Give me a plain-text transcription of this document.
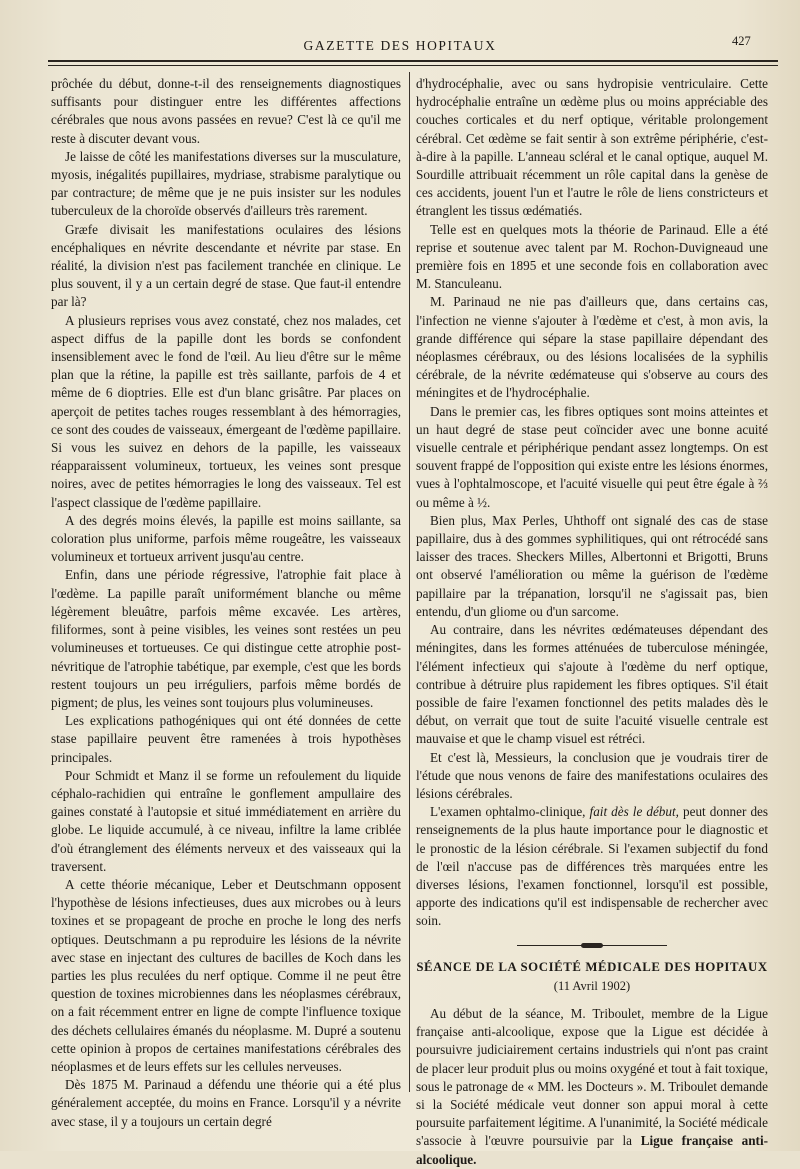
GAZETTE DES HOPITAUX	427

prôchée du début, donne-t-il des renseignements diagnostiques suffisants pour distinguer entre les différentes affections cérébrales que nous avons passées en revue? C'est là ce qu'il me reste à discuter devant vous.

Je laisse de côté les manifestations diverses sur la musculature, myosis, inégalités pupillaires, mydriase, strabisme paralytique ou par contracture; de même que je ne puis insister sur les nodules tuberculeux de la choroïde observés d'ailleurs très rarement.

Græfe divisait les manifestations oculaires des lésions encéphaliques en névrite descendante et névrite par stase. En réalité, la division n'est pas facilement tranchée en clinique. Le plus souvent, il y a un certain degré de stase. Que faut-il entendre par là?

A plusieurs reprises vous avez constaté, chez nos malades, cet aspect diffus de la papille dont les bords se confondent insensiblement avec le fond de l'œil. Au lieu d'être sur le même plan que la rétine, la papille est très saillante, parfois de 4 et même de 6 dioptries. Elle est d'un blanc grisâtre. Par places on aperçoit de petites taches rouges ressemblant à des hémorragies, ce sont des coudes de vaisseaux, émergeant de l'œdème papillaire. Si vous les suivez en dehors de la papille, les vaisseaux réapparaissent volumineux, tortueux, les veines sont presque noires, avec de petites hémorragies le long des vaisseaux. Tel est l'aspect classique de l'œdème papillaire.

A des degrés moins élevés, la papille est moins saillante, sa coloration plus uniforme, parfois même rougeâtre, les vaisseaux volumineux et tortueux arrivent jusqu'au centre.

Enfin, dans une période régressive, l'atrophie fait place à l'œdème. La papille paraît uniformément blanche ou même légèrement bleuâtre, parfois même excavée. Les artères, filiformes, sont à peine visibles, les veines sont restées un peu volumineuses et tortueuses. Ce qui distingue cette atrophie post-névritique de l'atrophie tabétique, par exemple, c'est que les bords restent toujours un peu irréguliers, parfois même bordés de pigment; de plus, les veines sont toujours plus volumineuses.

Les explications pathogéniques qui ont été données de cette stase papillaire peuvent être ramenées à trois hypothèses principales.

Pour Schmidt et Manz il se forme un refoulement du liquide céphalo-rachidien qui entraîne le gonflement ampullaire des gaines constaté à l'autopsie et situé immédiatement en arrière du globe. Le liquide accumulé, à ce niveau, infiltre la lame criblée d'où étranglement des éléments nerveux et des vaisseaux qui la traversent.

A cette théorie mécanique, Leber et Deutschmann opposent l'hypothèse de lésions infectieuses, dues aux microbes ou à leurs toxines et se propageant de proche en proche le long des nerfs optiques. Deutschmann a pu reproduire les lésions de la névrite avec stase en injectant des cultures de bacilles de Koch dans les parties les plus reculées du nerf optique. Comme il ne peut être question de toxines microbiennes dans les néoplasmes cérébraux, on a fait récemment entrer en ligne de compte l'influence toxique des déchets cellulaires émanés du néoplasme. M. Dupré a soutenu cette opinion à propos de certaines manifestations cérébrales des néoplasmes et de leurs effets sur les cellules nerveuses.

Dès 1875 M. Parinaud a défendu une théorie qui a été plus généralement acceptée, du moins en France. Lorsqu'il y a névrite avec stase, il y a toujours un certain degré

d'hydrocéphalie, avec ou sans hydropisie ventriculaire. Cette hydrocéphalie entraîne un œdème plus ou moins appréciable des couches corticales et du nerf optique, véritable prolongement cérébral. Cet œdème se fait sentir à son extrême périphérie, c'est-à-dire à la papille. L'anneau scléral et le canal optique, auquel M. Sourdille attribuait récemment un rôle capital dans la genèse de ces accidents, jouent l'un et l'autre le rôle de liens constricteurs et étranglent les tissus œdématiés.

Telle est en quelques mots la théorie de Parinaud. Elle a été reprise et soutenue avec talent par M. Rochon-Duvigneaud une première fois en 1895 et une seconde fois en collaboration avec M. Stanculeanu.

M. Parinaud ne nie pas d'ailleurs que, dans certains cas, l'infection ne vienne s'ajouter à l'œdème et c'est, à mon avis, la grande différence qui sépare la stase papillaire dépendant des néoplasmes cérébraux, ou des lésions localisées de la syphilis cérébrale, de la névrite œdémateuse qui s'observe au cours des méningites et de l'hydrocéphalie.

Dans le premier cas, les fibres optiques sont moins atteintes et un haut degré de stase peut coïncider avec une bonne acuité visuelle centrale et périphérique pendant assez longtemps. On est souvent frappé de l'opposition qui existe entre les lésions énormes, vues à l'ophtalmoscope, et l'acuité visuelle qui peut être égale à ⅔ ou même à ½.

Bien plus, Max Perles, Uhthoff ont signalé des cas de stase papillaire, dus à des gommes syphilitiques, qui ont rétrocédé sans laisser des traces. Sheckers Milles, Albertonni et Brigotti, Bruns ont observé l'amélioration ou même la guérison de l'œdème papillaire par la trépanation, lorsqu'il ne s'agissait pas, bien entendu, d'un gliome ou d'un sarcome.

Au contraire, dans les névrites œdémateuses dépendant des méningites, dans les formes atténuées de tuberculose méningée, l'élément infectieux qui s'ajoute à l'œdème du nerf optique, contribue à détruire plus rapidement les fibres optiques. S'il était possible de faire l'examen fonctionnel des petits malades dès le début, on verrait que tout de suite l'acuité visuelle centrale est mauvaise et que le champ visuel est rétréci.

Et c'est là, Messieurs, la conclusion que je voudrais tirer de l'étude que nous venons de faire des manifestations oculaires des lésions cérébrales.

L'examen ophtalmo-clinique, fait dès le début, peut donner des renseignements de la plus haute importance pour le diagnostic et le pronostic de la lésion cérébrale. Si l'examen subjectif du fond de l'œil n'accuse pas de différences très marquées entre les diverses lésions, l'examen fonctionnel, lorsqu'il est possible, apporte des indications qu'il est indispensable de rechercher avec soin.

SÉANCE DE LA SOCIÉTÉ MÉDICALE DES HOPITAUX
(11 Avril 1902)

Au début de la séance, M. Triboulet, membre de la Ligue française anti-alcoolique, expose que la Ligue est décidée à poursuivre judiciairement certains industriels qui n'ont pas craint de placer leur produit plus ou moins oxygéné et tout à fait toxique, sous le patronage de « MM. les Docteurs ». M. Triboulet demande si la Société médicale veut donner son appui moral à cette poursuite parfaitement légitime. A l'unanimité, la Société médicale s'associe à l'œuvre poursuivie par la Ligue française anti-alcoolique.
